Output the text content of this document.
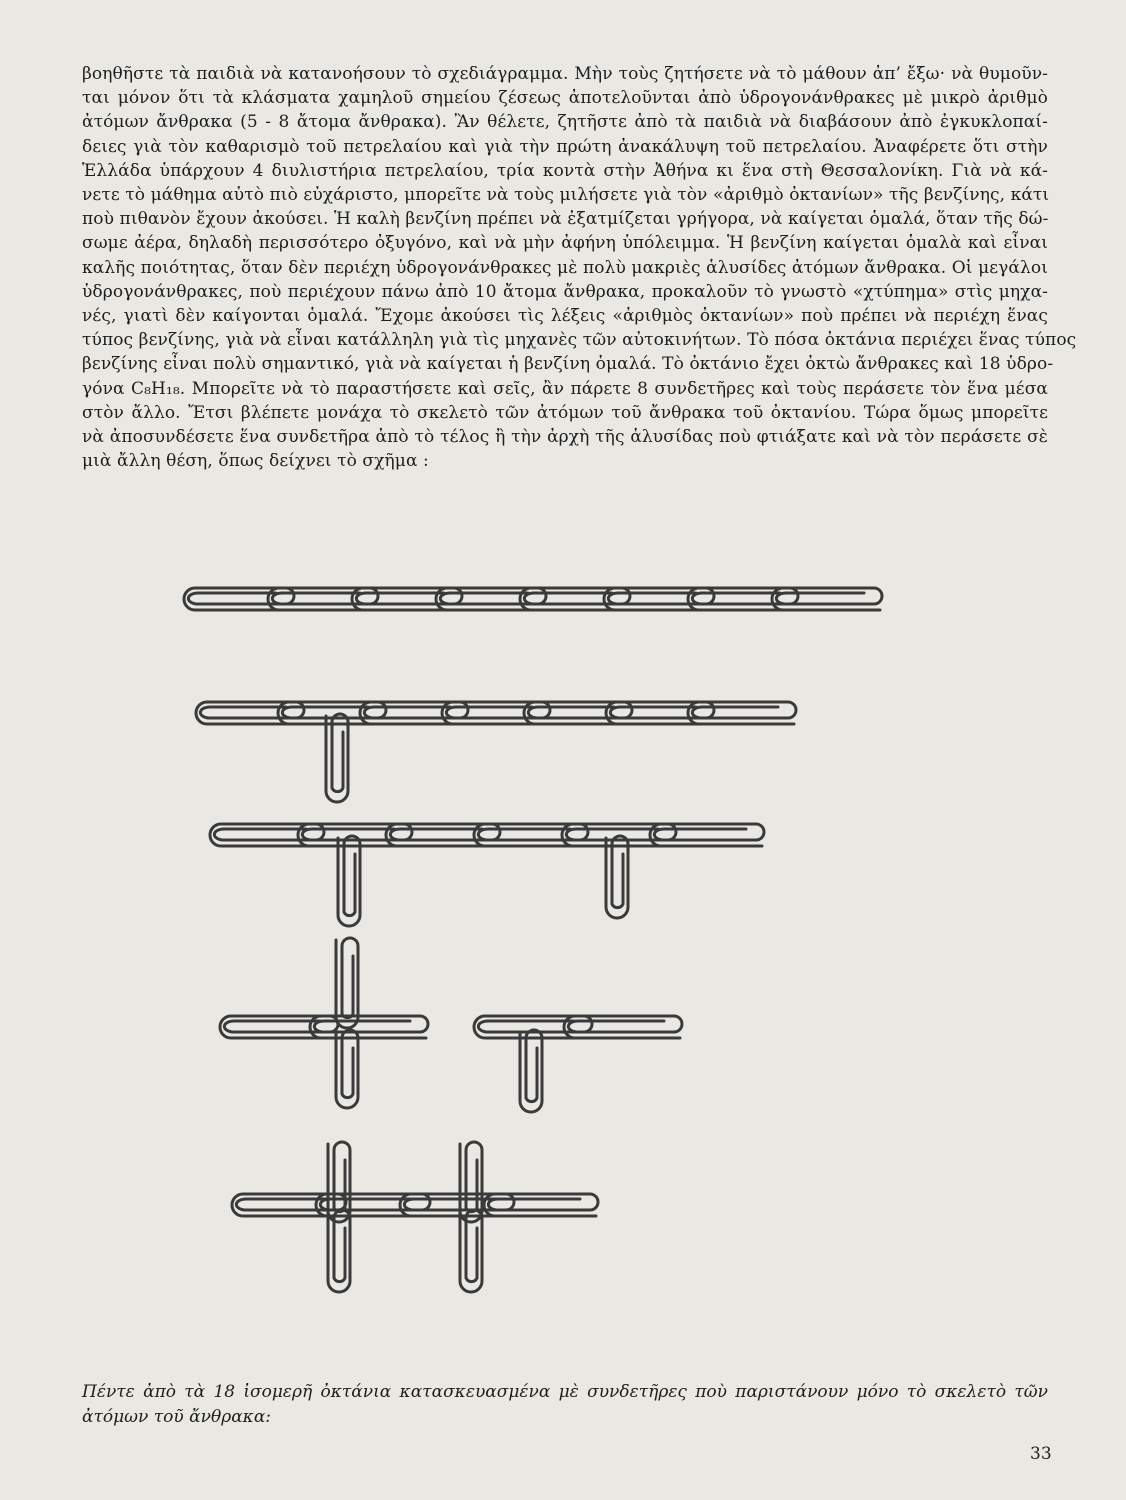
βοηθῆστε τὰ παιδιὰ νὰ κατανοήσουν τὸ σχεδιάγραμμα. Μὴν τοὺς ζητήσετε νὰ τὸ μάθουν ἀπ’ ἔξω· νὰ θυμοῦν-
ται μόνον ὅτι τὰ κλάσματα χαμηλοῦ σημείου ζέσεως ἀποτελοῦνται ἀπὸ ὑδρογονάνθρακες μὲ μικρὸ ἀριθμὸ
ἀτόμων ἄνθρακα (5 - 8 ἄτομα ἄνθρακα). Ἂν θέλετε, ζητῆστε ἀπὸ τὰ παιδιὰ νὰ διαβάσουν ἀπὸ ἐγκυκλοπαί-
δειες γιὰ τὸν καθαρισμὸ τοῦ πετρελαίου καὶ γιὰ τὴν πρώτη ἀνακάλυψη τοῦ πετρελαίου. Ἀναφέρετε ὅτι στὴν
Ἑλλάδα ὑπάρχουν 4 διυλιστήρια πετρελαίου, τρία κοντὰ στὴν Ἀθήνα κι ἕνα στὴ Θεσσαλονίκη. Γιὰ νὰ κά-
νετε τὸ μάθημα αὐτὸ πιὸ εὐχάριστο, μπορεῖτε νὰ τοὺς μιλήσετε γιὰ τὸν «ἀριθμὸ ὀκτανίων» τῆς βενζίνης, κάτι
ποὺ πιθανὸν ἔχουν ἀκούσει. Ἡ καλὴ βενζίνη πρέπει νὰ ἐξατμίζεται γρήγορα, νὰ καίγεται ὁμαλά, ὅταν τῆς δώ-
σωμε ἀέρα, δηλαδὴ περισσότερο ὀξυγόνο, καὶ νὰ μὴν ἀφήνη ὑπόλειμμα. Ἡ βενζίνη καίγεται ὁμαλὰ καὶ εἶναι
καλῆς ποιότητας, ὅταν δὲν περιέχη ὑδρογονάνθρακες μὲ πολὺ μακριὲς ἁλυσίδες ἀτόμων ἄνθρακα. Οἱ μεγάλοι
ὑδρογονάνθρακες, ποὺ περιέχουν πάνω ἀπὸ 10 ἄτομα ἄνθρακα, προκαλοῦν τὸ γνωστὸ «χτύπημα» στὶς μηχα-
νές, γιατὶ δὲν καίγονται ὁμαλά. Ἔχομε ἀκούσει τὶς λέξεις «ἀριθμὸς ὀκτανίων» ποὺ πρέπει νὰ περιέχη ἕνας
τύπος βενζίνης, γιὰ νὰ εἶναι κατάλληλη γιὰ τὶς μηχανὲς τῶν αὐτοκινήτων. Τὸ πόσα ὀκτάνια περιέχει ἕνας τύπος
βενζίνης εἶναι πολὺ σημαντικό, γιὰ νὰ καίγεται ἡ βενζίνη ὁμαλά. Τὸ ὀκτάνιο ἔχει ὀκτὼ ἄνθρακες καὶ 18 ὑδρο-
γόνα C₈H₁₈. Μπορεῖτε νὰ τὸ παραστήσετε καὶ σεῖς, ἂν πάρετε 8 συνδετῆρες καὶ τοὺς περάσετε τὸν ἕνα μέσα
στὸν ἄλλο. Ἔτσι βλέπετε μονάχα τὸ σκελετὸ τῶν ἀτόμων τοῦ ἄνθρακα τοῦ ὀκτανίου. Τώρα ὅμως μπορεῖτε
νὰ ἀποσυνδέσετε ἕνα συνδετῆρα ἀπὸ τὸ τέλος ἢ τὴν ἀρχὴ τῆς ἁλυσίδας ποὺ φτιάξατε καὶ νὰ τὸν περάσετε σὲ
μιὰ ἄλλη θέση, ὅπως δείχνει τὸ σχῆμα :
Πέντε ἀπὸ τὰ 18 ἰσομερῆ ὀκτάνια κατασκευασμένα μὲ συνδετῆρες ποὺ παριστάνουν μόνο τὸ σκελετὸ τῶν
ἀτόμων τοῦ ἄνθρακα:
33
